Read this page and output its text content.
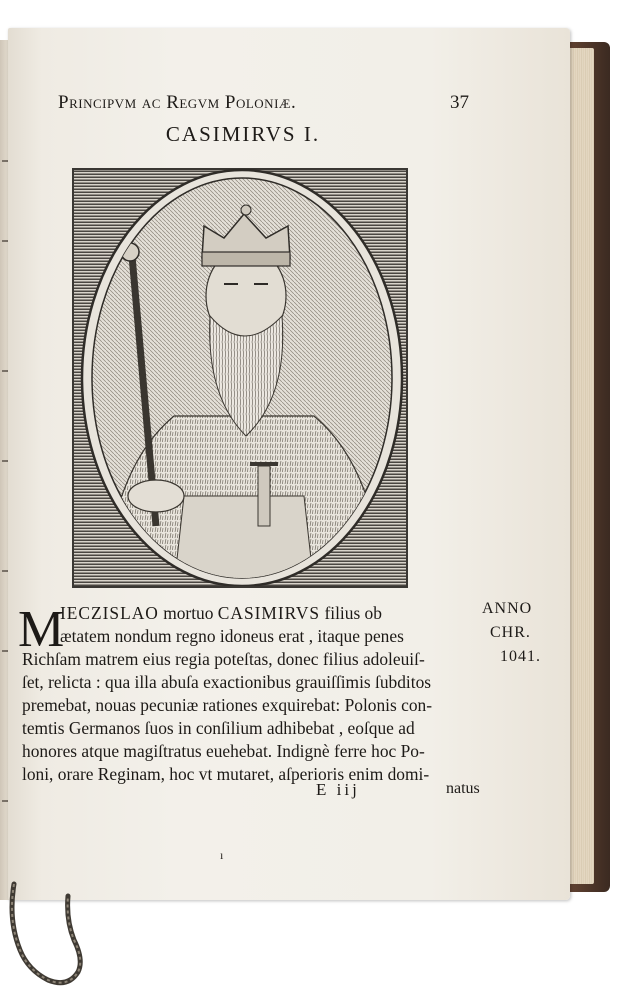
Principvm ac Regvm Poloniæ.	37
CASIMIRVS I.
ı
M
IECZISLAO mortuo CASIMIRVS filius ob
ætatem nondum regno idoneus erat , itaque penes
Richſam matrem eius regia poteſtas, donec filius adoleuiſ-
ſet, relicta : qua illa abuſa exactionibus grauiſſimis ſubditos
premebat, nouas pecuniæ rationes exquirebat: Polonis con-
temtis Germanos ſuos in conſilium adhibebat , eoſque ad
honores atque magiſtratus euehebat. Indignè ferre hoc Po-
loni, orare Reginam, hoc vt mutaret, aſperioris enim domi-
ANNO
CHR.
1041.
E iij	natus
